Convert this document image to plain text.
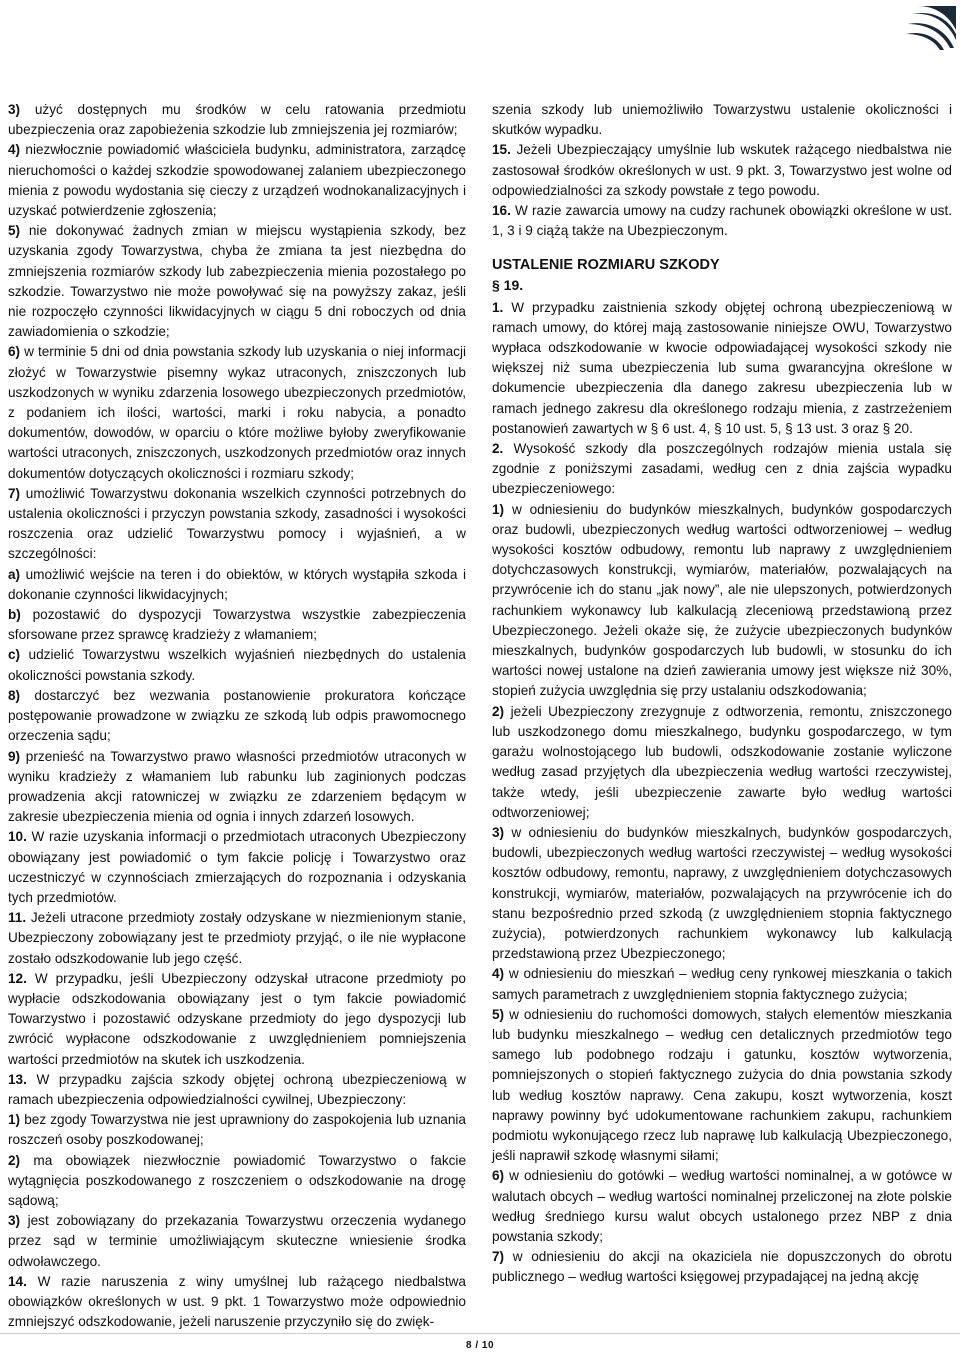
3) użyć dostępnych mu środków w celu ratowania przedmiotu ubezpieczenia oraz zapobieżenia szkodzie lub zmniejszenia jej rozmiarów;

4) niezwłocznie powiadomić właściciela budynku, administratora, zarządcę nieruchomości o każdej szkodzie spowodowanej zalaniem ubezpieczonego mienia z powodu wydostania się cieczy z urządzeń wodnokanalizacyjnych i uzyskać potwierdzenie zgłoszenia;

5) nie dokonywać żadnych zmian w miejscu wystąpienia szkody, bez uzyskania zgody Towarzystwa, chyba że zmiana ta jest niezbędna do zmniejszenia rozmiarów szkody lub zabezpieczenia mienia pozostałego po szkodzie. Towarzystwo nie może powoływać się na powyższy zakaz, jeśli nie rozpoczęło czynności likwidacyjnych w ciągu 5 dni roboczych od dnia zawiadomienia o szkodzie;

6) w terminie 5 dni od dnia powstania szkody lub uzyskania o niej informacji złożyć w Towarzystwie pisemny wykaz utraconych, zniszczonych lub uszkodzonych w wyniku zdarzenia losowego ubezpieczonych przedmiotów, z podaniem ich ilości, wartości, marki i roku nabycia, a ponadto dokumentów, dowodów, w oparciu o które możliwe byłoby zweryfikowanie wartości utraconych, zniszczonych, uszkodzonych przedmiotów oraz innych dokumentów dotyczących okoliczności i rozmiaru szkody;

7) umożliwić Towarzystwu dokonania wszelkich czynności potrzebnych do ustalenia okoliczności i przyczyn powstania szkody, zasadności i wysokości roszczenia oraz udzielić Towarzystwu pomocy i wyjaśnień, a w szczególności:

a) umożliwić wejście na teren i do obiektów, w których wystąpiła szkoda i dokonanie czynności likwidacyjnych;

b) pozostawić do dyspozycji Towarzystwa wszystkie zabezpieczenia sforsowane przez sprawcę kradzieży z włamaniem;

c) udzielić Towarzystwu wszelkich wyjaśnień niezbędnych do ustalenia okoliczności powstania szkody.

8) dostarczyć bez wezwania postanowienie prokuratora kończące postępowanie prowadzone w związku ze szkodą lub odpis prawomocnego orzeczenia sądu;

9) przenieść na Towarzystwo prawo własności przedmiotów utraconych w wyniku kradzieży z włamaniem lub rabunku lub zaginionych podczas prowadzenia akcji ratowniczej w związku ze zdarzeniem będącym w zakresie ubezpieczenia mienia od ognia i innych zdarzeń losowych.

10. W razie uzyskania informacji o przedmiotach utraconych Ubezpieczony obowiązany jest powiadomić o tym fakcie policję i Towarzystwo oraz uczestniczyć w czynnościach zmierzających do rozpoznania i odzyskania tych przedmiotów.

11. Jeżeli utracone przedmioty zostały odzyskane w niezmienionym stanie, Ubezpieczony zobowiązany jest te przedmioty przyjąć, o ile nie wypłacone zostało odszkodowanie lub jego część.

12. W przypadku, jeśli Ubezpieczony odzyskał utracone przedmioty po wypłacie odszkodowania obowiązany jest o tym fakcie powiadomić Towarzystwo i pozostawić odzyskane przedmioty do jego dyspozycji lub zwrócić wypłacone odszkodowanie z uwzględnieniem pomniejszenia wartości przedmiotów na skutek ich uszkodzenia.

13. W przypadku zajścia szkody objętej ochroną ubezpieczeniową w ramach ubezpieczenia odpowiedzialności cywilnej, Ubezpieczony:

1) bez zgody Towarzystwa nie jest uprawniony do zaspokojenia lub uznania roszczeń osoby poszkodowanej;

2) ma obowiązek niezwłocznie powiadomić Towarzystwo o fakcie wytągnięcia poszkodowanego z roszczeniem o odszkodowanie na drogę sądową;

3) jest zobowiązany do przekazania Towarzystwu orzeczenia wydanego przez sąd w terminie umożliwiającym skuteczne wniesienie środka odwoławczego.

14. W razie naruszenia z winy umyślnej lub rażącego niedbalstwa obowiązków określonych w ust. 9 pkt. 1 Towarzystwo może odpowiednio zmniejszyć odszkodowanie, jeżeli naruszenie przyczyniło się do zwięk-

szenia szkody lub uniemożliwiło Towarzystwu ustalenie okoliczności i skutków wypadku.

15. Jeżeli Ubezpieczający umyślnie lub wskutek rażącego niedbalstwa nie zastosował środków określonych w ust. 9 pkt. 3, Towarzystwo jest wolne od odpowiedzialności za szkody powstałe z tego powodu.

16. W razie zawarcia umowy na cudzy rachunek obowiązki określone w ust. 1, 3 i 9 ciążą także na Ubezpieczonym.

USTALENIE ROZMIARU SZKODY
§ 19.

1. W przypadku zaistnienia szkody objętej ochroną ubezpieczeniową w ramach umowy, do której mają zastosowanie niniejsze OWU, Towarzystwo wypłaca odszkodowanie w kwocie odpowiadającej wysokości szkody nie większej niż suma ubezpieczenia lub suma gwarancyjna określone w dokumencie ubezpieczenia dla danego zakresu ubezpieczenia lub w ramach jednego zakresu dla określonego rodzaju mienia, z zastrzeżeniem postanowień zawartych w § 6 ust. 4, § 10 ust. 5, § 13 ust. 3 oraz § 20.

2. Wysokość szkody dla poszczególnych rodzajów mienia ustala się zgodnie z poniższymi zasadami, według cen z dnia zajścia wypadku ubezpieczeniowego:

1) w odniesieniu do budynków mieszkalnych, budynków gospodarczych oraz budowli, ubezpieczonych według wartości odtworzeniowej – według wysokości kosztów odbudowy, remontu lub naprawy z uwzględnieniem dotychczasowych konstrukcji, wymiarów, materiałów, pozwalających na przywrócenie ich do stanu „jak nowy”, ale nie ulepszonych, potwierdzonych rachunkiem wykonawcy lub kalkulacją zleceniową przedstawioną przez Ubezpieczonego. Jeżeli okaże się, że zużycie ubezpieczonych budynków mieszkalnych, budynków gospodarczych lub budowli, w stosunku do ich wartości nowej ustalone na dzień zawierania umowy jest większe niż 30%, stopień zużycia uwzględnia się przy ustalaniu odszkodowania;

2) jeżeli Ubezpieczony zrezygnuje z odtworzenia, remontu, zniszczonego lub uszkodzonego domu mieszkalnego, budynku gospodarczego, w tym garażu wolnostojącego lub budowli, odszkodowanie zostanie wyliczone według zasad przyjętych dla ubezpieczenia według wartości rzeczywistej, także wtedy, jeśli ubezpieczenie zawarte było według wartości odtworzeniowej;

3) w odniesieniu do budynków mieszkalnych, budynków gospodarczych, budowli, ubezpieczonych według wartości rzeczywistej – według wysokości kosztów odbudowy, remontu, naprawy, z uwzględnieniem dotychczasowych konstrukcji, wymiarów, materiałów, pozwalających na przywrócenie ich do stanu bezpośrednio przed szkodą (z uwzględnieniem stopnia faktycznego zużycia), potwierdzonych rachunkiem wykonawcy lub kalkulacją przedstawioną przez Ubezpieczonego;

4) w odniesieniu do mieszkań – według ceny rynkowej mieszkania o takich samych parametrach z uwzględnieniem stopnia faktycznego zużycia;

5) w odniesieniu do ruchomości domowych, stałych elementów mieszkania lub budynku mieszkalnego – według cen detalicznych przedmiotów tego samego lub podobnego rodzaju i gatunku, kosztów wytworzenia, pomniejszonych o stopień faktycznego zużycia do dnia powstania szkody lub według kosztów naprawy. Cena zakupu, koszt wytworzenia, koszt naprawy powinny być udokumentowane rachunkiem zakupu, rachunkiem podmiotu wykonującego rzecz lub naprawę lub kalkulacją Ubezpieczonego, jeśli naprawił szkodę własnymi siłami;

6) w odniesieniu do gotówki – według wartości nominalnej, a w gotówce w walutach obcych – według wartości nominalnej przeliczonej na złote polskie według średniego kursu walut obcych ustalonego przez NBP z dnia powstania szkody;

7) w odniesieniu do akcji na okaziciela nie dopuszczonych do obrotu publicznego – według wartości księgowej przypadającej na jedną akcję

8 / 10
